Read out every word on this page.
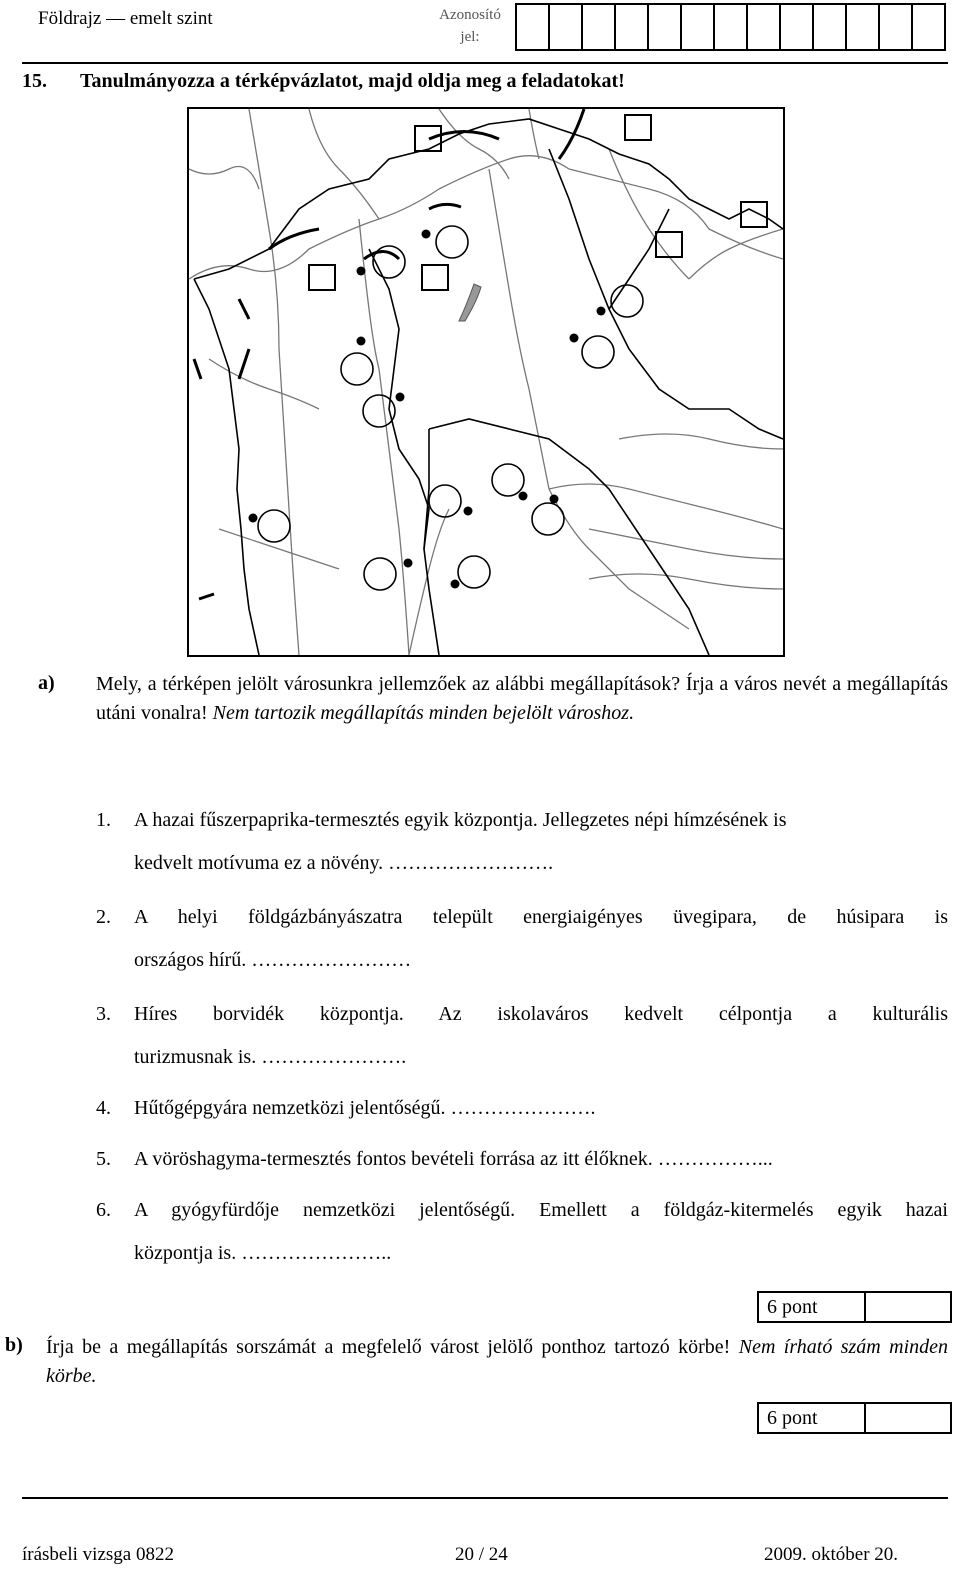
Földrajz — emelt szint	Azonosító
jel:
15. Tanulmányozza a térképvázlatot, majd oldja meg a feladatokat!
a) Mely, a térképen jelölt városunkra jellemzőek az alábbi megállapítások? Írja a város nevét a megállapítás utáni vonalra! Nem tartozik megállapítás minden bejelölt városhoz.
1. A hazai fűszerpaprika-termesztés egyik központja. Jellegzetes népi hímzésének is
kedvelt motívuma ez a növény. …………………….
2.	A helyi földgázbányászatra települt energiaigényes üvegipara, de húsipara is
országos hírű. ……………………
3.	Híres borvidék központja. Az iskolaváros kedvelt célpontja a kulturális
turizmusnak is. ………………….
4. Hűtőgépgyára nemzetközi jelentőségű. ………………….
5. A vöröshagyma-termesztés fontos bevételi forrása az itt élőknek. ……………...
6.	A gyógyfürdője nemzetközi jelentőségű. Emellett a földgáz-kitermelés egyik hazai
központja is. …………………..
6 pont
b) Írja be a megállapítás sorszámát a megfelelő várost jelölő ponthoz tartozó körbe! Nem írható szám minden körbe.
6 pont
írásbeli vizsga 0822	20 / 24	2009. október 20.
